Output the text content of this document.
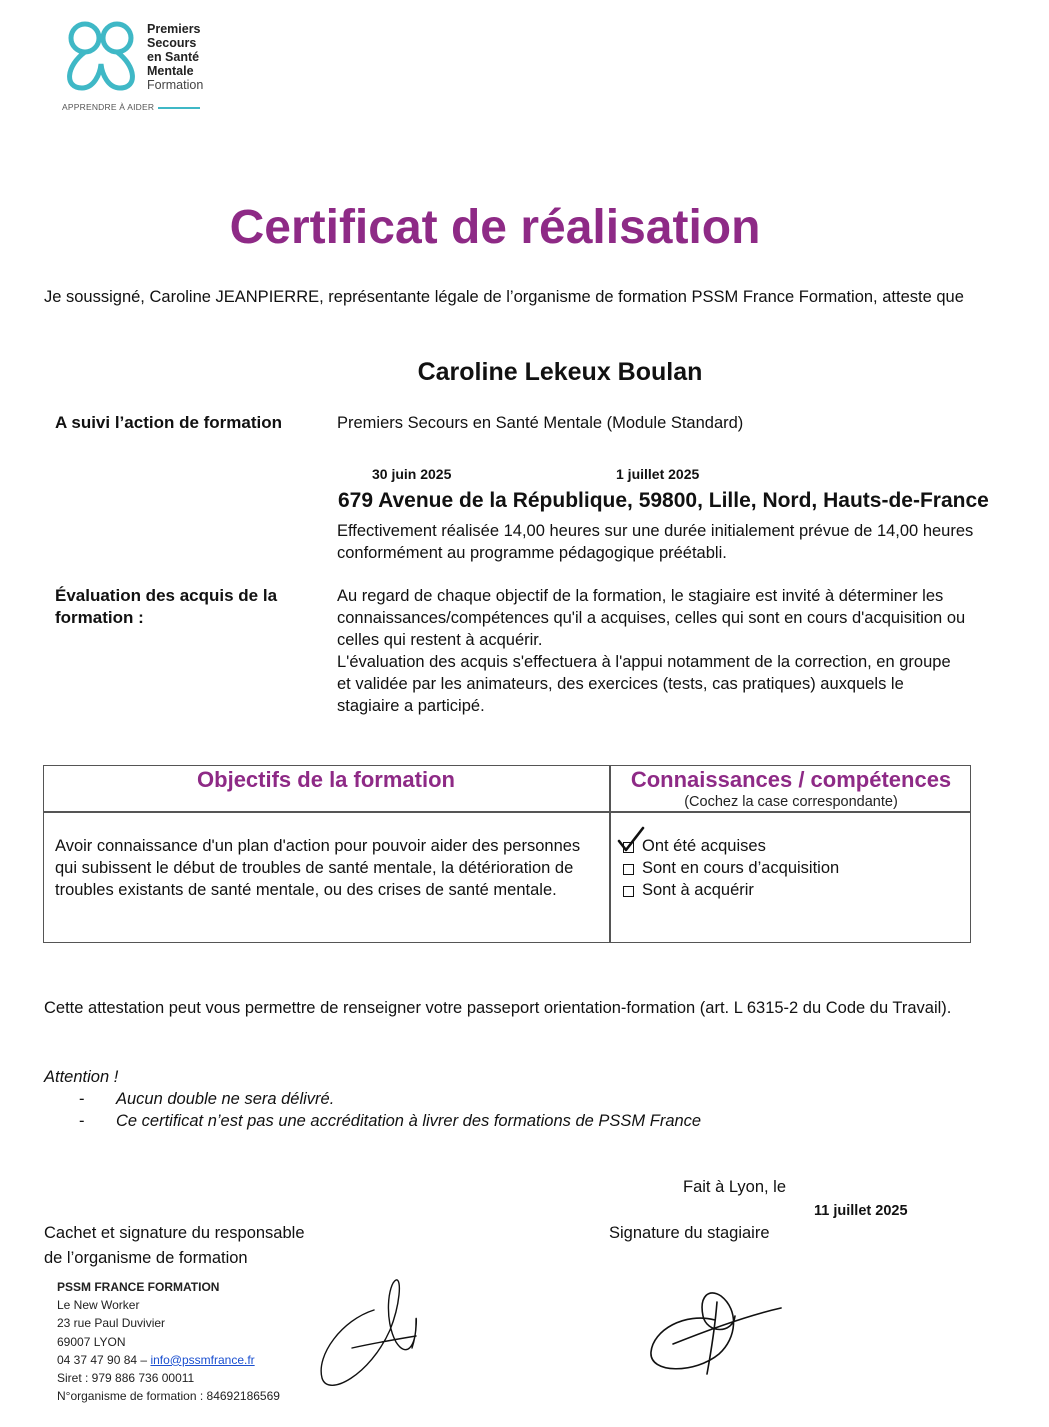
Premiers
Secours
en Santé
Mentale
Formation
APPRENDRE À AIDER
Certificat de réalisation
Je soussigné, Caroline JEANPIERRE, représentante légale de l’organisme de formation PSSM France Formation, atteste que
Caroline Lekeux Boulan
A suivi l’action de formation	Premiers Secours en Santé Mentale (Module Standard)
30 juin 2025	1 juillet 2025
679 Avenue de la République, 59800, Lille, Nord, Hauts-de-France
Effectivement réalisée 14,00 heures sur une durée initialement prévue de 14,00 heures conformément au programme pédagogique préétabli.
Évaluation des acquis de la formation :
Au regard de chaque objectif de la formation, le stagiaire est invité à déterminer les connaissances/compétences qu'il a acquises, celles qui sont en cours d'acquisition ou celles qui restent à acquérir.
L'évaluation des acquis s'effectuera à l'appui notamment de la correction, en groupe et validée par les animateurs, des exercices (tests, cas pratiques) auxquels le stagiaire a participé.
Objectifs de la formation	Connaissances / compétences
(Cochez la case correspondante)
Avoir connaissance d'un plan d'action pour pouvoir aider des personnes qui subissent le début de troubles de santé mentale, la détérioration de troubles existants de santé mentale, ou des crises de santé mentale.
Ont été acquises
Sont en cours d’acquisition
Sont à acquérir
Cette attestation peut vous permettre de renseigner votre passeport orientation-formation (art. L 6315-2 du Code du Travail).
Attention !
- Aucun double ne sera délivré.
- Ce certificat n’est pas une accréditation à livrer des formations de PSSM France
Fait à Lyon, le
11 juillet 2025
Cachet et signature du responsable
de l’organisme de formation
Signature du stagiaire
PSSM FRANCE FORMATION
Le New Worker
23 rue Paul Duvivier
69007 LYON
04 37 47 90 84 – info@pssmfrance.fr
Siret : 979 886 736 00011
N°organisme de formation : 84692186569
